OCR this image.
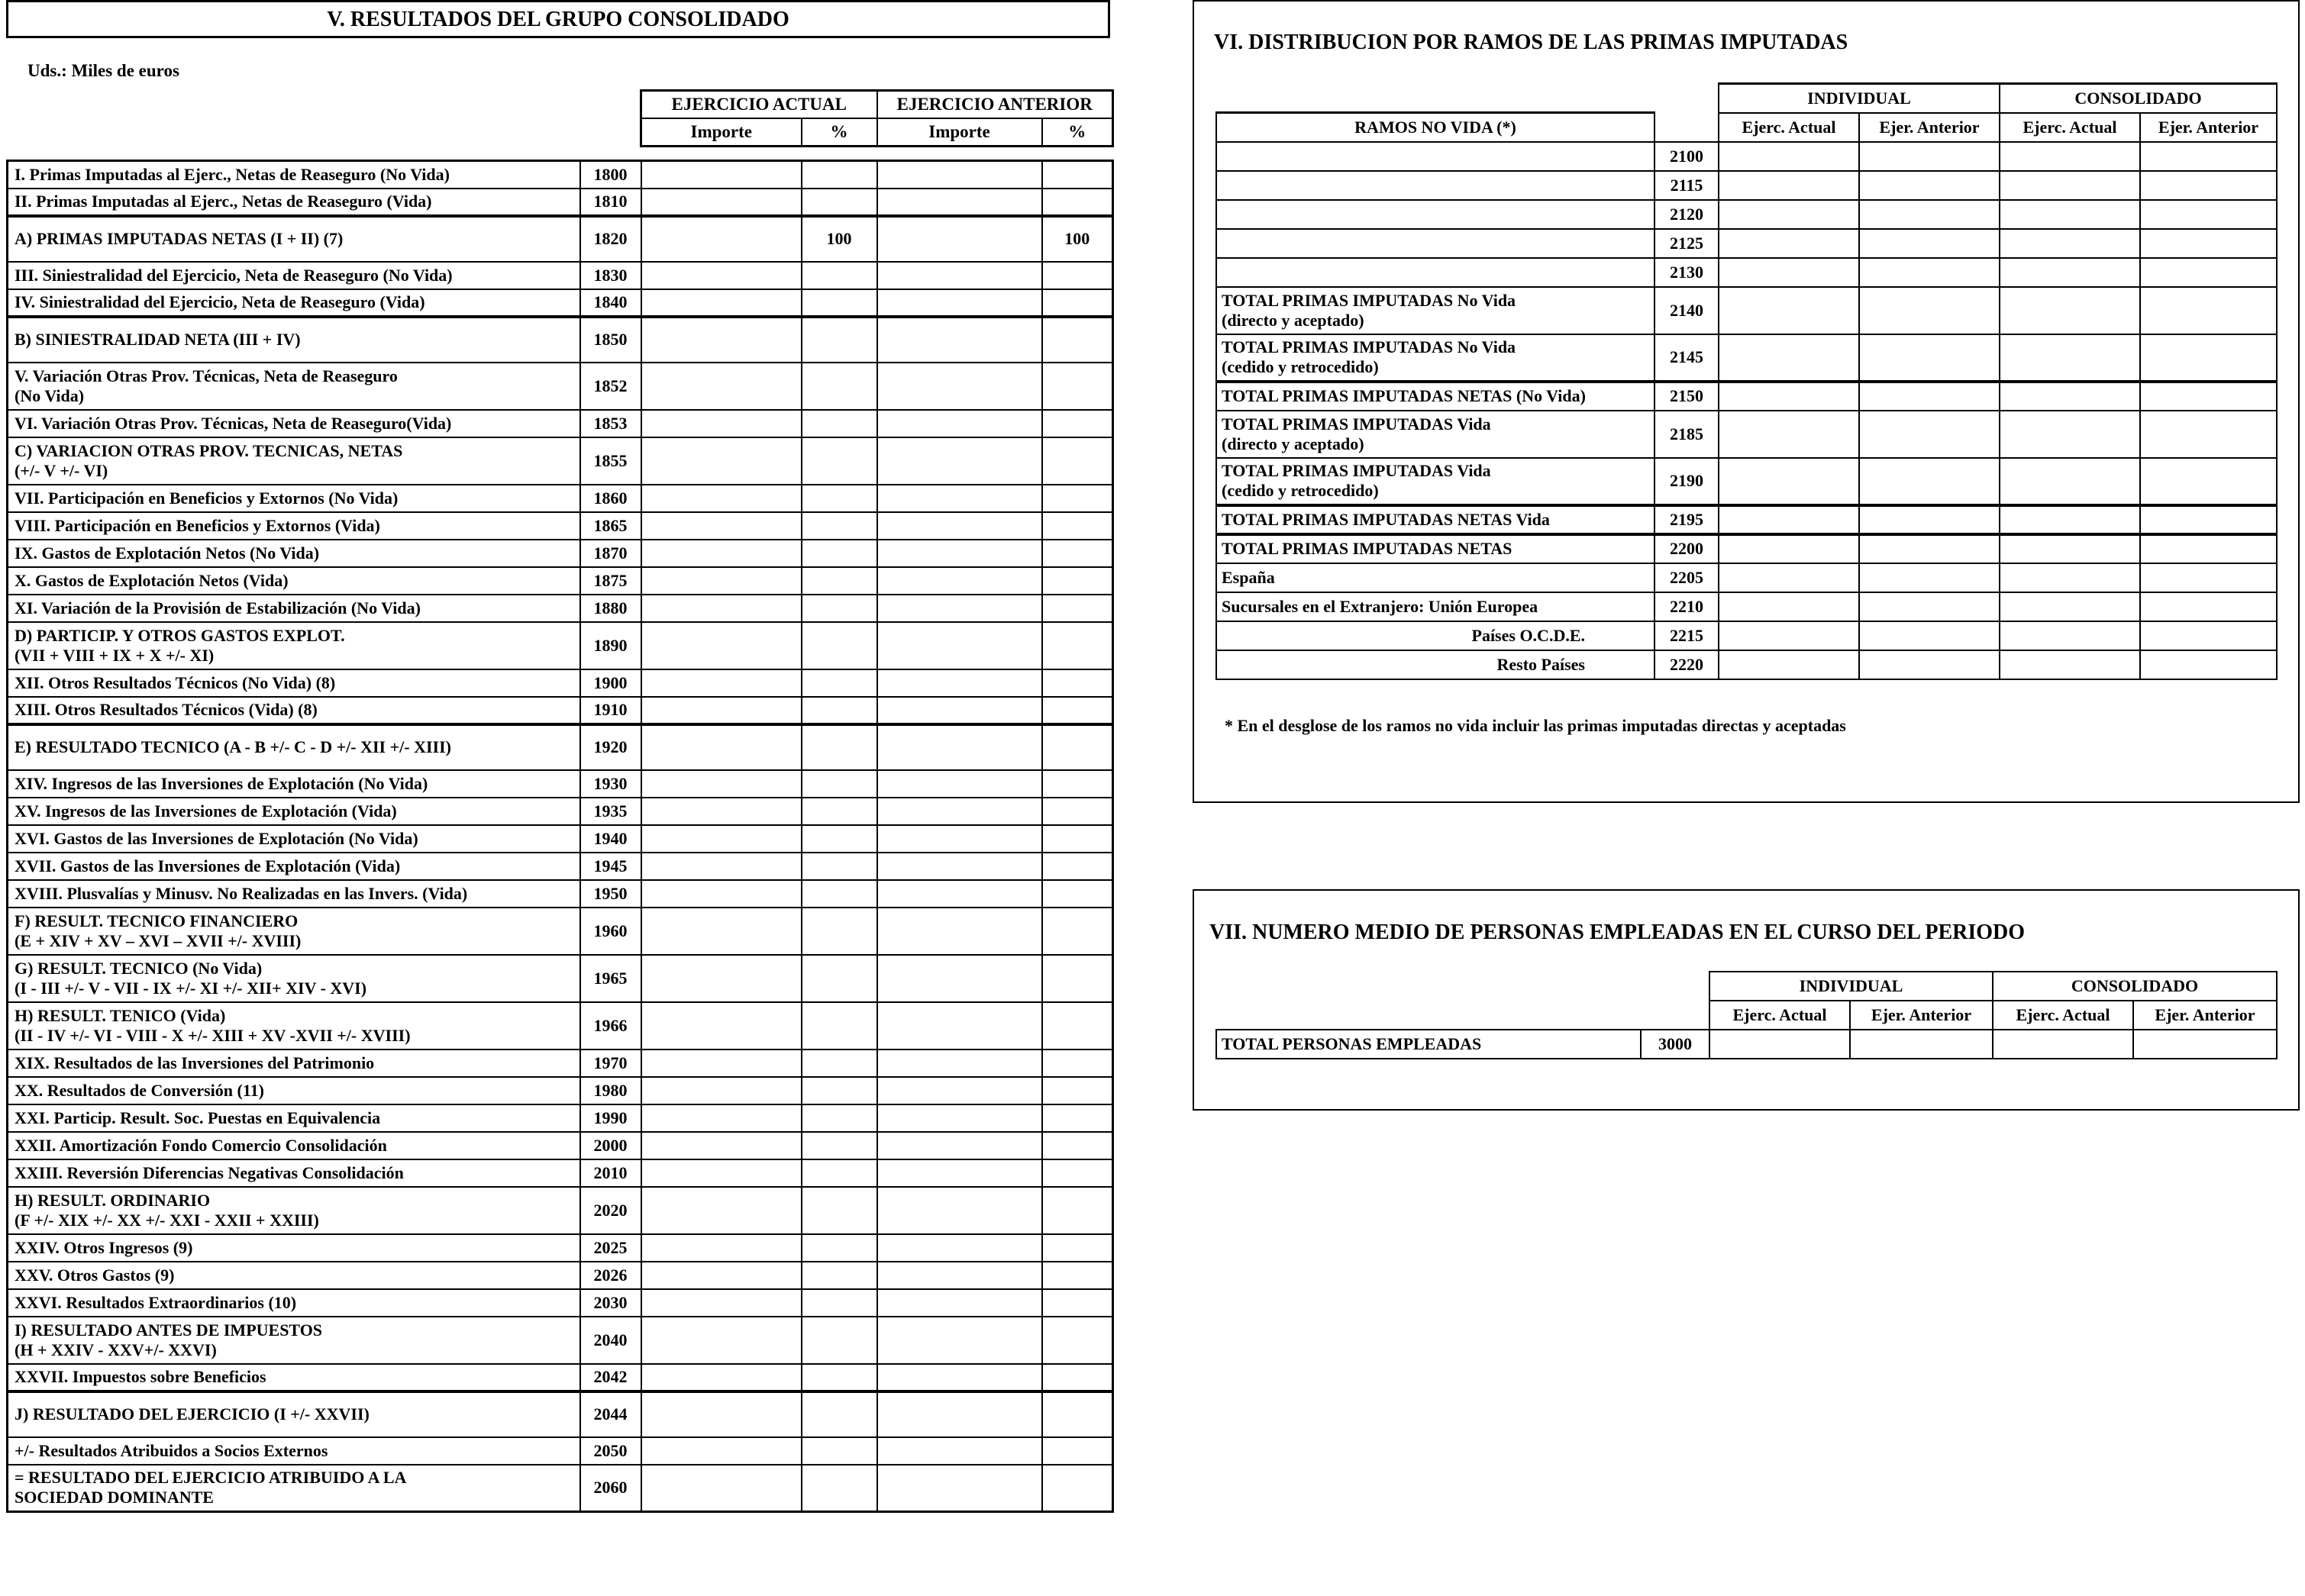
V. RESULTADOS DEL GRUPO CONSOLIDADO
Uds.: Miles de euros
EJERCICIO ACTUAL		EJERCICIO ANTERIOR	
Importe	%	Importe	%
I. Primas Imputadas al Ejerc., Netas de Reaseguro (No Vida)	1800				
II. Primas Imputadas al Ejerc., Netas de Reaseguro (Vida)	1810				
A) PRIMAS IMPUTADAS NETAS (I + II) (7)	1820		100		100
III. Siniestralidad del Ejercicio, Neta de Reaseguro (No Vida)	1830				
IV. Siniestralidad del Ejercicio, Neta de Reaseguro (Vida)	1840				
B) SINIESTRALIDAD NETA (III + IV)	1850				
V. Variación Otras Prov. Técnicas, Neta de Reaseguro
(No Vida)	1852				
VI. Variación Otras Prov. Técnicas, Neta de Reaseguro(Vida)	1853				
C) VARIACION OTRAS PROV. TECNICAS, NETAS
(+/- V +/- VI)	1855				
VII. Participación en Beneficios y Extornos (No Vida)	1860				
VIII. Participación en Beneficios y Extornos (Vida)	1865				
IX. Gastos de Explotación Netos (No Vida)	1870				
X. Gastos de Explotación Netos (Vida)	1875				
XI. Variación de la Provisión de Estabilización (No Vida)	1880				
D) PARTICIP. Y OTROS GASTOS EXPLOT.
(VII + VIII + IX + X +/- XI)	1890				
XII. Otros Resultados Técnicos (No Vida) (8)	1900				
XIII. Otros Resultados Técnicos (Vida) (8)	1910				
E) RESULTADO TECNICO (A - B +/- C - D +/- XII +/- XIII)	1920				
XIV. Ingresos de las Inversiones de Explotación (No Vida)	1930				
XV. Ingresos de las Inversiones de Explotación (Vida)	1935				
XVI. Gastos de las Inversiones de Explotación (No Vida)	1940				
XVII. Gastos de las Inversiones de Explotación (Vida)	1945				
XVIII. Plusvalías y Minusv. No Realizadas en las Invers. (Vida)	1950				
F) RESULT. TECNICO FINANCIERO
(E + XIV + XV – XVI – XVII +/- XVIII)	1960				
G) RESULT. TECNICO (No Vida)
(I - III +/- V - VII - IX +/- XI +/- XII+ XIV - XVI)	1965				
H) RESULT. TENICO (Vida)
(II - IV +/- VI - VIII - X +/- XIII + XV -XVII +/- XVIII)	1966				
XIX. Resultados de las Inversiones del Patrimonio	1970				
XX. Resultados de Conversión (11)	1980				
XXI. Particip. Result. Soc. Puestas en Equivalencia	1990				
XXII. Amortización Fondo Comercio Consolidación	2000				
XXIII. Reversión Diferencias Negativas Consolidación	2010				
H) RESULT. ORDINARIO
(F +/- XIX +/- XX +/- XXI - XXII + XXIII)	2020				
XXIV. Otros Ingresos (9)	2025				
XXV. Otros Gastos (9)	2026				
XXVI. Resultados Extraordinarios (10)	2030				
I) RESULTADO ANTES DE IMPUESTOS
(H + XXIV - XXV+/- XXVI)	2040				
XXVII. Impuestos sobre Beneficios	2042				
J) RESULTADO DEL EJERCICIO (I +/- XXVII)	2044				
+/- Resultados Atribuidos a Socios Externos	2050				
= RESULTADO DEL EJERCICIO ATRIBUIDO A LA
SOCIEDAD DOMINANTE	2060				
VI. DISTRIBUCION POR RAMOS DE LAS PRIMAS IMPUTADAS
		INDIVIDUAL		CONSOLIDADO	
RAMOS NO VIDA (*)		Ejerc. Actual	Ejer. Anterior	Ejerc. Actual	Ejer. Anterior
	2100				
	2115				
	2120				
	2125				
	2130				
TOTAL PRIMAS IMPUTADAS No Vida
(directo y aceptado)	2140				
TOTAL PRIMAS IMPUTADAS No Vida
(cedido y retrocedido)	2145				
TOTAL PRIMAS IMPUTADAS NETAS (No Vida)	2150				
TOTAL PRIMAS IMPUTADAS Vida
(directo y aceptado)	2185				
TOTAL PRIMAS IMPUTADAS Vida
(cedido y retrocedido)	2190				
TOTAL PRIMAS IMPUTADAS NETAS Vida	2195				
TOTAL PRIMAS IMPUTADAS NETAS	2200				
España	2205				
Sucursales en el Extranjero: Unión Europea	2210				
Países O.C.D.E.	2215				
Resto Países	2220				
* En el desglose de los ramos no vida incluir las primas imputadas directas y aceptadas
VII. NUMERO MEDIO DE PERSONAS EMPLEADAS EN EL CURSO DEL PERIODO
		INDIVIDUAL		CONSOLIDADO	
		Ejerc. Actual	Ejer. Anterior	Ejerc. Actual	Ejer. Anterior
TOTAL PERSONAS EMPLEADAS	3000				
